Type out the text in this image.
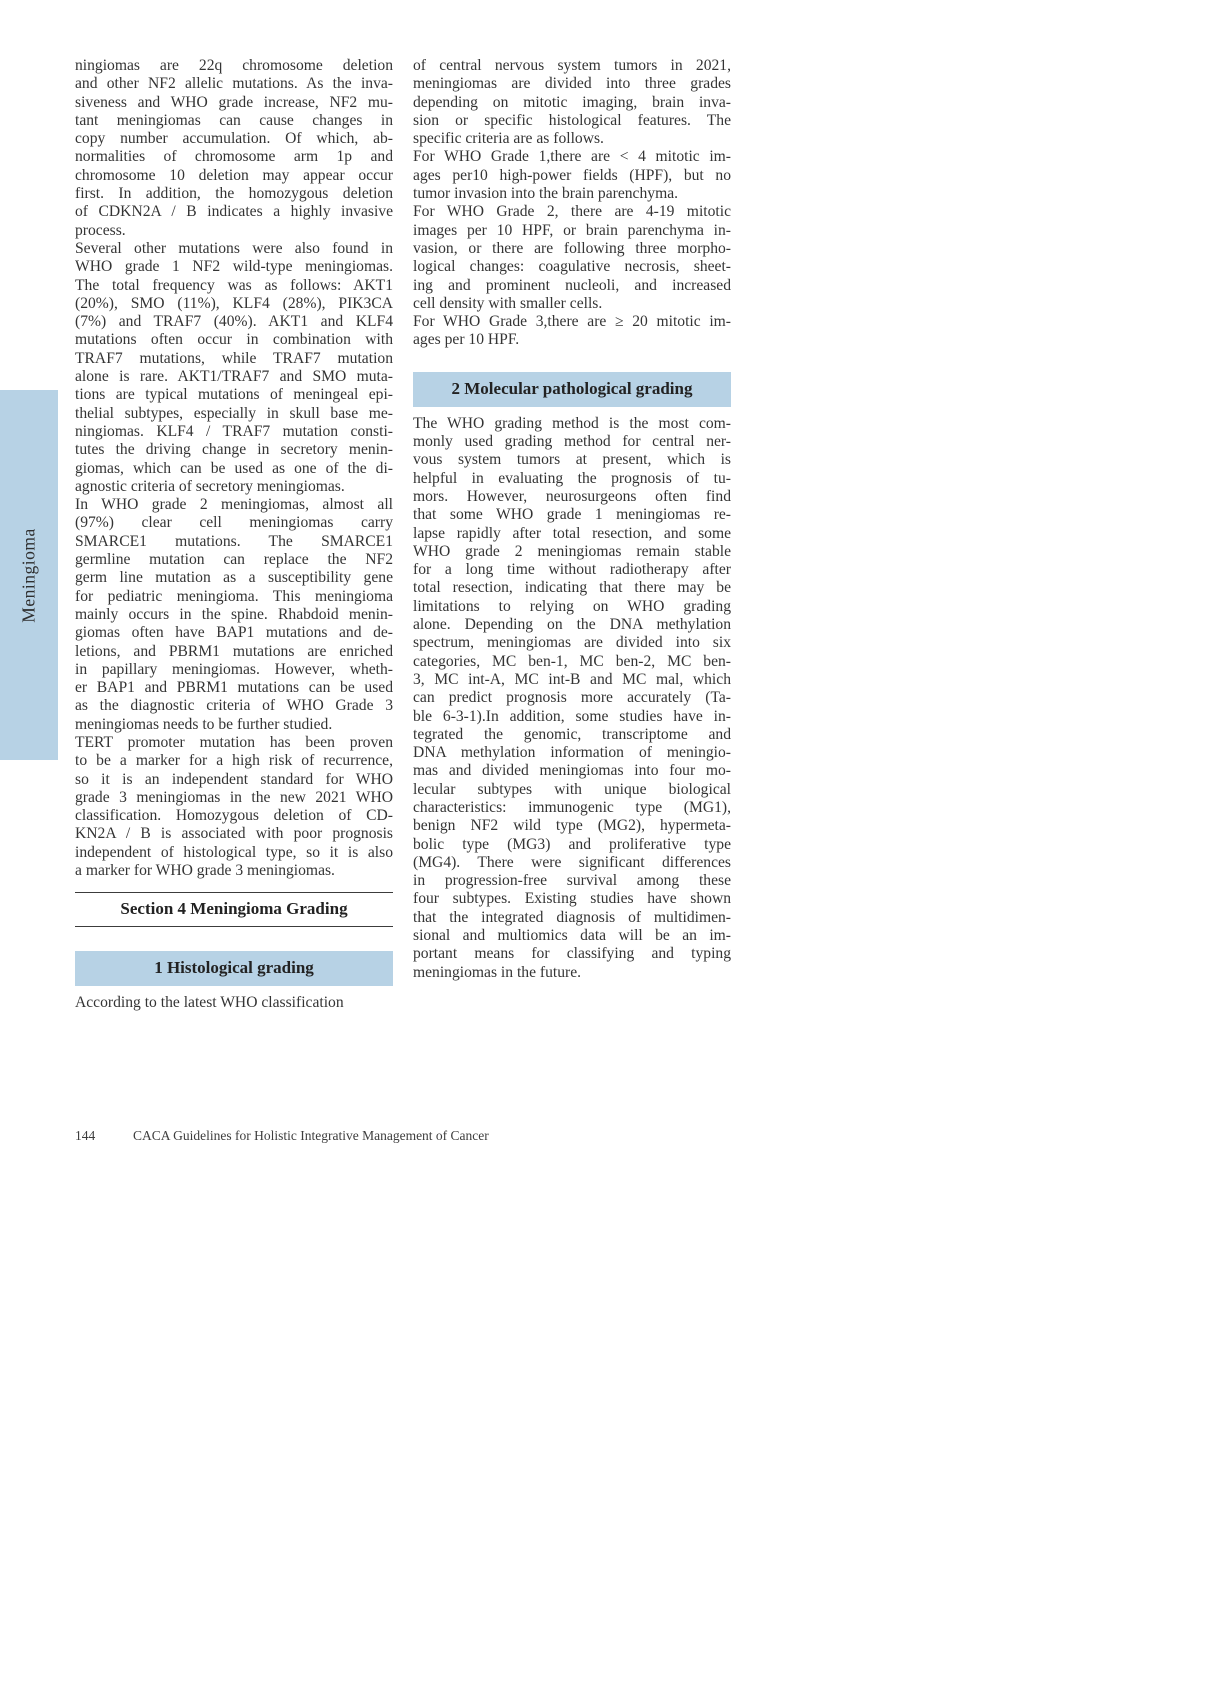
Meningioma
ningiomas are 22q chromosome deletion
and other NF2 allelic mutations. As the inva-
siveness and WHO grade increase, NF2 mu-
tant meningiomas can cause changes in
copy number accumulation. Of which, ab-
normalities of chromosome arm 1p and
chromosome 10 deletion may appear occur
first. In addition, the homozygous deletion
of CDKN2A / B indicates a highly invasive
process.
Several other mutations were also found in
WHO grade 1 NF2 wild-type meningiomas.
The total frequency was as follows: AKT1
(20%), SMO (11%), KLF4 (28%), PIK3CA
(7%) and TRAF7 (40%). AKT1 and KLF4
mutations often occur in combination with
TRAF7 mutations, while TRAF7 mutation
alone is rare. AKT1/TRAF7 and SMO muta-
tions are typical mutations of meningeal epi-
thelial subtypes, especially in skull base me-
ningiomas. KLF4 / TRAF7 mutation consti-
tutes the driving change in secretory menin-
giomas, which can be used as one of the di-
agnostic criteria of secretory meningiomas.
In WHO grade 2 meningiomas, almost all
(97%) clear cell meningiomas carry
SMARCE1 mutations. The SMARCE1
germline mutation can replace the NF2
germ line mutation as a susceptibility gene
for pediatric meningioma. This meningioma
mainly occurs in the spine. Rhabdoid menin-
giomas often have BAP1 mutations and de-
letions, and PBRM1 mutations are enriched
in papillary meningiomas. However, wheth-
er BAP1 and PBRM1 mutations can be used
as the diagnostic criteria of WHO Grade 3
meningiomas needs to be further studied.
TERT promoter mutation has been proven
to be a marker for a high risk of recurrence,
so it is an independent standard for WHO
grade 3 meningiomas in the new 2021 WHO
classification. Homozygous deletion of CD-
KN2A / B is associated with poor prognosis
independent of histological type, so it is also
a marker for WHO grade 3 meningiomas.
Section 4 Meningioma Grading
1 Histological grading
According to the latest WHO classification
of central nervous system tumors in 2021,
meningiomas are divided into three grades
depending on mitotic imaging, brain inva-
sion or specific histological features. The
specific criteria are as follows.
For WHO Grade 1,there are < 4 mitotic im-
ages per10 high-power fields (HPF), but no
tumor invasion into the brain parenchyma.
For WHO Grade 2, there are 4-19 mitotic
images per 10 HPF, or brain parenchyma in-
vasion, or there are following three morpho-
logical changes: coagulative necrosis, sheet-
ing and prominent nucleoli, and increased
cell density with smaller cells.
For WHO Grade 3,there are ≥ 20 mitotic im-
ages per 10 HPF.
2 Molecular pathological grading
The WHO grading method is the most com-
monly used grading method for central ner-
vous system tumors at present, which is
helpful in evaluating the prognosis of tu-
mors. However, neurosurgeons often find
that some WHO grade 1 meningiomas re-
lapse rapidly after total resection, and some
WHO grade 2 meningiomas remain stable
for a long time without radiotherapy after
total resection, indicating that there may be
limitations to relying on WHO grading
alone. Depending on the DNA methylation
spectrum, meningiomas are divided into six
categories, MC ben-1, MC ben-2, MC ben-
3, MC int-A, MC int-B and MC mal, which
can predict prognosis more accurately (Ta-
ble 6-3-1).In addition, some studies have in-
tegrated the genomic, transcriptome and
DNA methylation information of meningio-
mas and divided meningiomas into four mo-
lecular subtypes with unique biological
characteristics: immunogenic type (MG1),
benign NF2 wild type (MG2), hypermeta-
bolic type (MG3) and proliferative type
(MG4). There were significant differences
in progression-free survival among these
four subtypes. Existing studies have shown
that the integrated diagnosis of multidimen-
sional and multiomics data will be an im-
portant means for classifying and typing
meningiomas in the future.
144	CACA Guidelines for Holistic Integrative Management of Cancer
